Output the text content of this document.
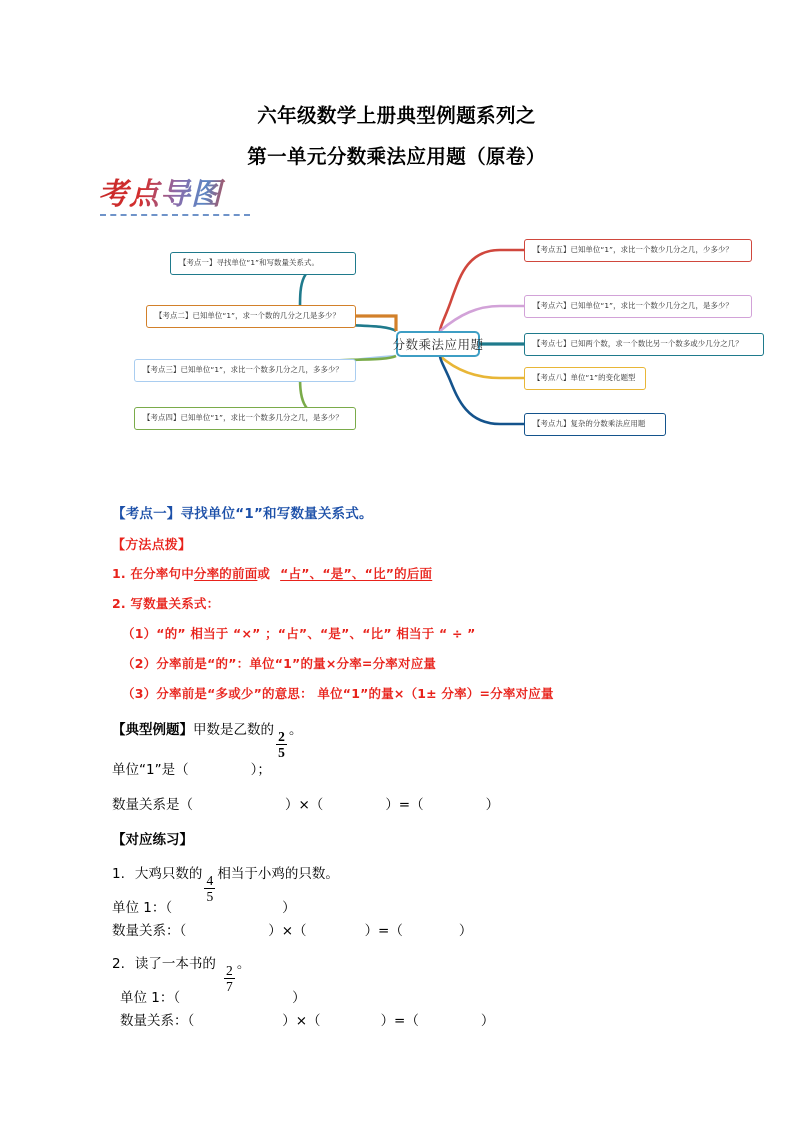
六年级数学上册典型例题系列之
第一单元分数乘法应用题（原卷）
考点导图
分数乘法应用题
【考点一】寻找单位“1”和写数量关系式。
【考点二】已知单位“1”，求一个数的几分之几是多少？
【考点三】已知单位“1”，求比一个数多几分之几，多多少？
【考点四】已知单位“1”，求比一个数多几分之几，是多少？
【考点五】已知单位“1”，求比一个数少几分之几，少多少？
【考点六】已知单位“1”，求比一个数少几分之几，是多少？
【考点七】已知两个数，求一个数比另一个数多或少几分之几？
【考点八】单位“1”的变化题型
【考点九】复杂的分数乘法应用题
【考点一】寻找单位“1”和写数量关系式。
【方法点拨】
1. 在分率句中分率的前面或 “占”、“是”、“比”的后面
2. 写数量关系式：
（1）“的” 相当于 “×” ；“占”、“是”、“比” 相当于 “ ÷ ”
（2）分率前是“的”：单位“1”的量×分率=分率对应量
（3）分率前是“多或少”的意思： 单位“1”的量×（1± 分率）=分率对应量
【典型例题】甲数是乙数的
$\frac{2}{5}$
。
单位“1”是（	）；
数量关系是（	）×（	）=（	）
【对应练习】
1. 大鸡只数的
$\frac{4}{5}$
相当于小鸡的只数。
单位 1：（	）
数量关系：（	）×（	）=（	）
2. 读了一本书的
$\frac{2}{7}$
。
单位 1：（	）
数量关系：（	）×（	）=（	）
